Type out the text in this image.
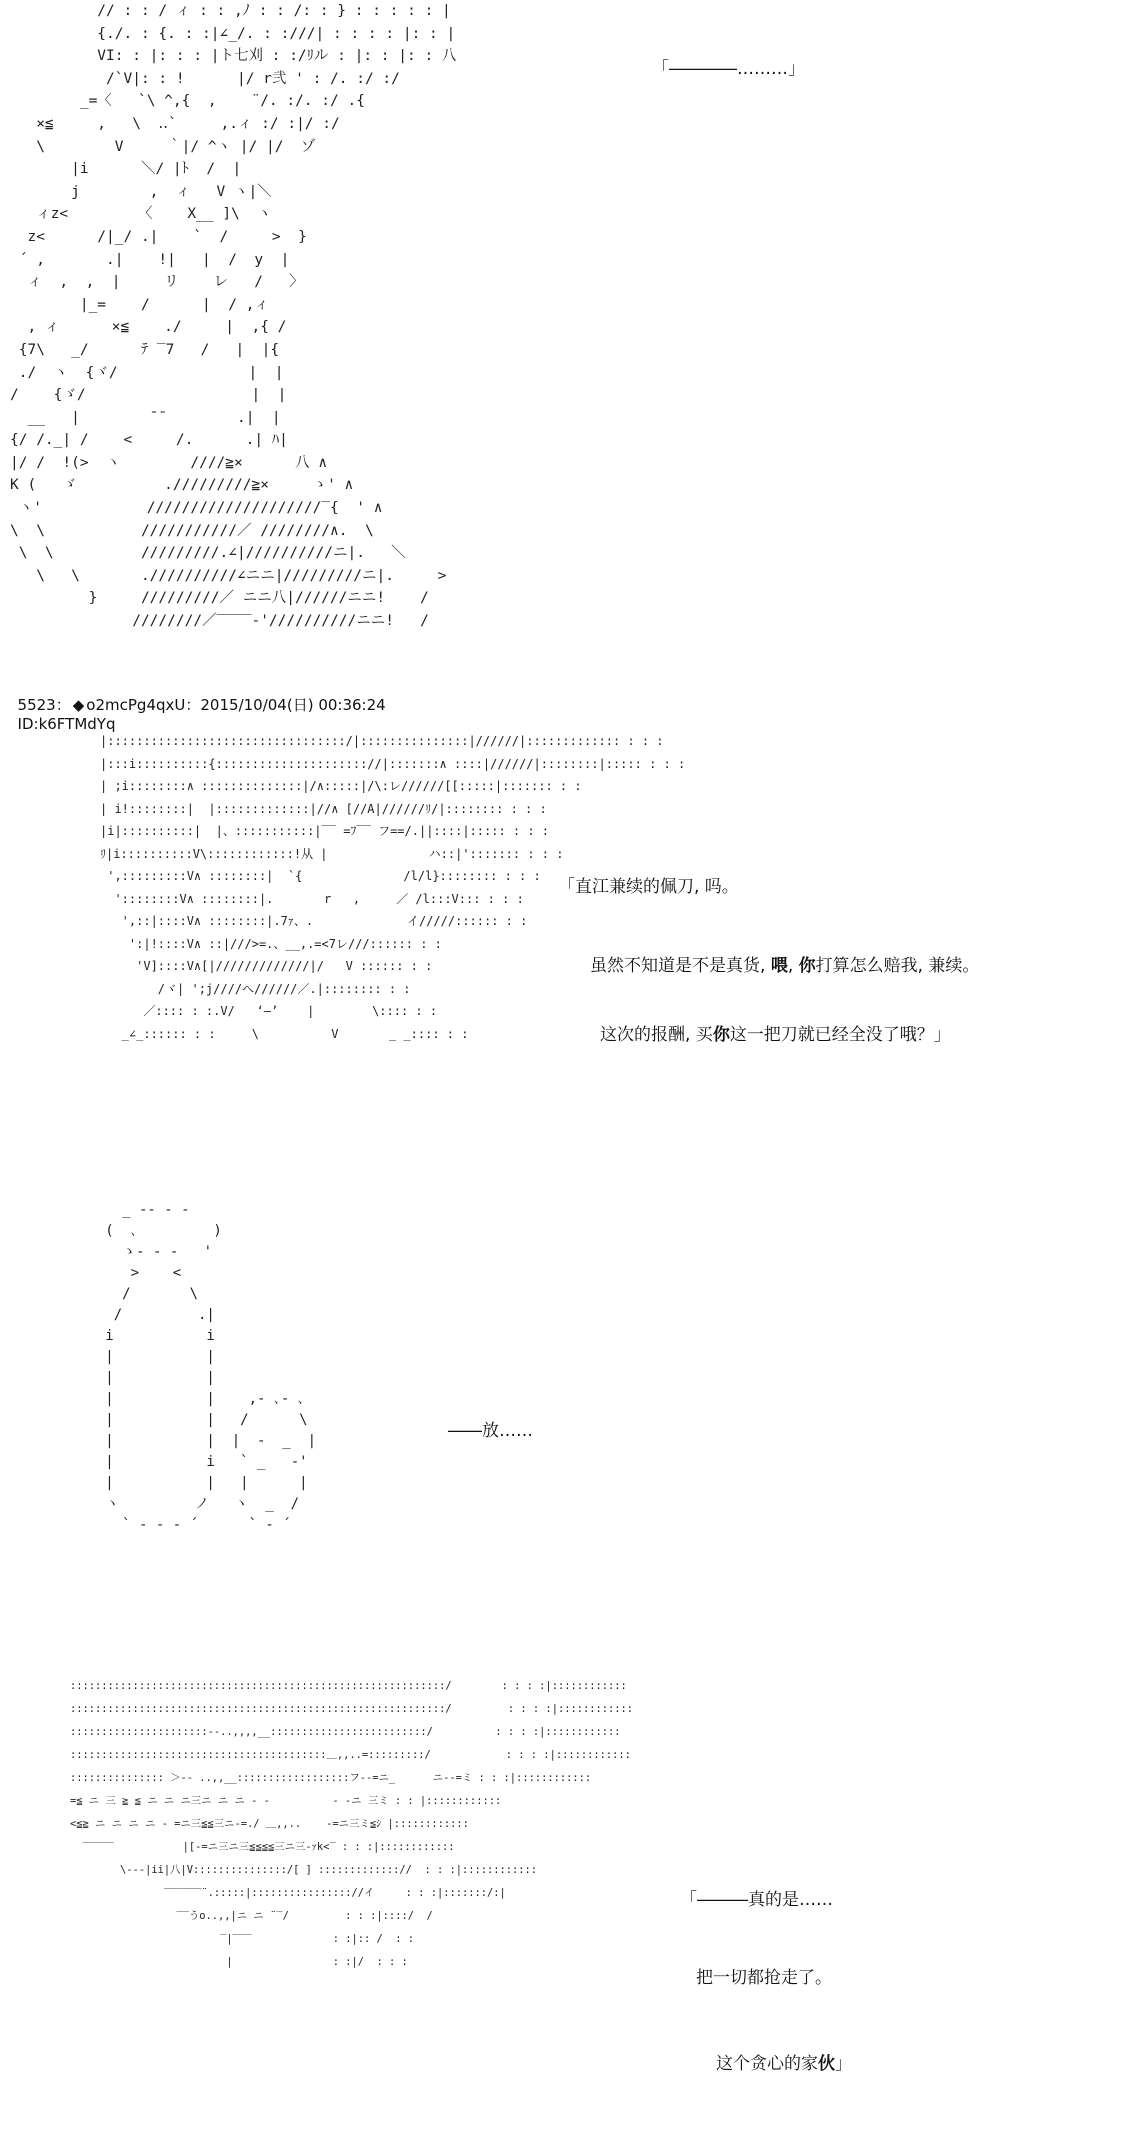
// : : / ィ : : ,ﾉ : : /: : } : : : : : |
{./. : {. : :|∠_/. : :///| : : : : |: : |
VI: : |: : : |ト七刈 : :/ﾘル : |: : |: : 八
/`V|: : !      |/ r弐 ' : /. :/ :/
_=〈   `\ ^,{  ,    ¨/. :/. :/ .{
×≦     ,   \  ‥`     ,.ィ :/ :|/ :/
\        V     ｀|/ ^ヽ |/ |/  ゾ
|i      ＼/ |ﾄ  /  |
j        ,  ィ   V ヽ|＼
ィz<        〈    X__ ]\  ヽ
z<      /|_/ .|    `  /     >  }
´ ,       .|    !|   |  /  y  |
ィ  ,  ,  |     リ    レ   /   〉
|_=    /      |  / ,ィ
, ィ      ×≦    ./     |  ,{ /
{7\   _/      ﾃ ‾7   /   |  |{
./  ヽ  {ヾ/               |  |
/    {ゞ/                   |  |
__   |        ̄ ̄         .|  |
{/ /._| /    <     /.      .| ﾊ|
|/ /  !(>  ヽ        ////≧×      八 ∧
K (   ゞ          ./////////≧×     ゝ' ∧
ヽ'            ////////////////////‾{  ' ∧
\  \           ///////////／ ////////∧.  \
\  \          /////////.∠|//////////ニ|.   ＼
\   \       .//////////∠ニニ|/////////ニ|.     >
}     /////////／ ニニ八|//////ニニ!    /
////////／‾‾‾‾-'//////////ニニ!   /
「――――………」

5523： ◆ o2mcPg4qxU：2015/10/04(日) 00:36:24
ID:k6FTMdYq

|:::::::::::::::::::::::::::::::::/|:::::::::::::::|//////|::::::::::::: : : :
|:::i::::::::::{::::::::::::::::::::://|:::::::∧ ::::|//////|::::::::|::::: : : :
| ;i::::::::∧ ::::::::::::::|/∧:::::|/\:レ//////[[:::::|::::::: : :
| i!::::::::|  |:::::::::::::|//∧ [//A|//////ﾘ/|:::::::: : : :
|i|::::::::::|  |、:::::::::::|‾‾ =ﾌ‾‾ フ==/.||::::|::::: : : :
ﾘ|i::::::::::V\::::::::::::!从 |              ハ::|'::::::: : : :
',:::::::::V∧ ::::::::|  `{              /l/l}:::::::: : : :
'::::::::V∧ ::::::::|.       r   ,     ／ /l:::V::: : : :
',::|::::V∧ ::::::::|.7ｧ、.             イ/////:::::: : :
':|!::::V∧ ::|///>=.、__,.=<7レ///:::::: : :
'V]::::V∧[|/////////////|/   V :::::: : :
/ヾ| ';j////へ//////／.|:::::::: : :
／:::: : :.V/   ‘―’    |        \:::: : :
_∠_:::::: : :     \          V       _ _:::: : :

「直江兼续的佩刀, 吗。

虽然不知道是不是真货, 喂, 你打算怎么赔我, 兼续。

这次的报酬, 买你这一把刀就已经全没了哦？」

_ -‐ - -
(  ､         )
ゝ- - -   '
>    <
/       \
/         .|
i           i
|           |
|           |
|           |    ,- ､- ､
|           |   /      \
|           |  |  -  _  |
|           i   ` _   -'
|           |   |      |
ヽ         ノ   ヽ  _  /
` ‐ - ‐ ´      ` - ´
――放……
::::::::::::::::::::::::::::::::::::::::::::::::::::::::::::/        : : : :|::::::::::::
::::::::::::::::::::::::::::::::::::::::::::::::::::::::::::/         : : : :|::::::::::::
::::::::::::::::::::::‐-..,,,,__:::::::::::::::::::::::::/          : : : :|::::::::::::
:::::::::::::::::::::::::::::::::::::::::＿,,..=:::::::::/            : : : :|::::::::::::
::::::::::::::: ＞‐- ..,,__::::::::::::::::::フ‐-=ニ_      ニ‐-=ミ : : :|::::::::::::
=≦ ニ 三 ≧ ≦ ニ ニ ニ三ニ ニ ニ - -          - -ニ 三ミ : : |::::::::::::
<≦≧ ニ ニ ニ ニ - =ニ三≦≦三ニ-=./ ＿,,..    -=ニ三ミ≦ｼ |::::::::::::
‾‾‾‾‾           |[-=ニ三ニ三≦≦≦≦三ニ三-ｧk<‾ : : :|::::::::::::
\‐‐‐|ii|八|V:::::::::::::::/[ ] ::::::::::::://  : : :|::::::::::::
‾‾‾‾‾‾¨.:::::|:::::::::::::::://イ     : : :|:::::::/:|
‾‾うo..,,|ニ ニ ¨‾/         : : :|::::/  /
‾|‾‾‾             : :|:: /  : :
|                : :|/  : : :

「―――真的是……

把一切都抢走了。

这个贪心的家伙」
